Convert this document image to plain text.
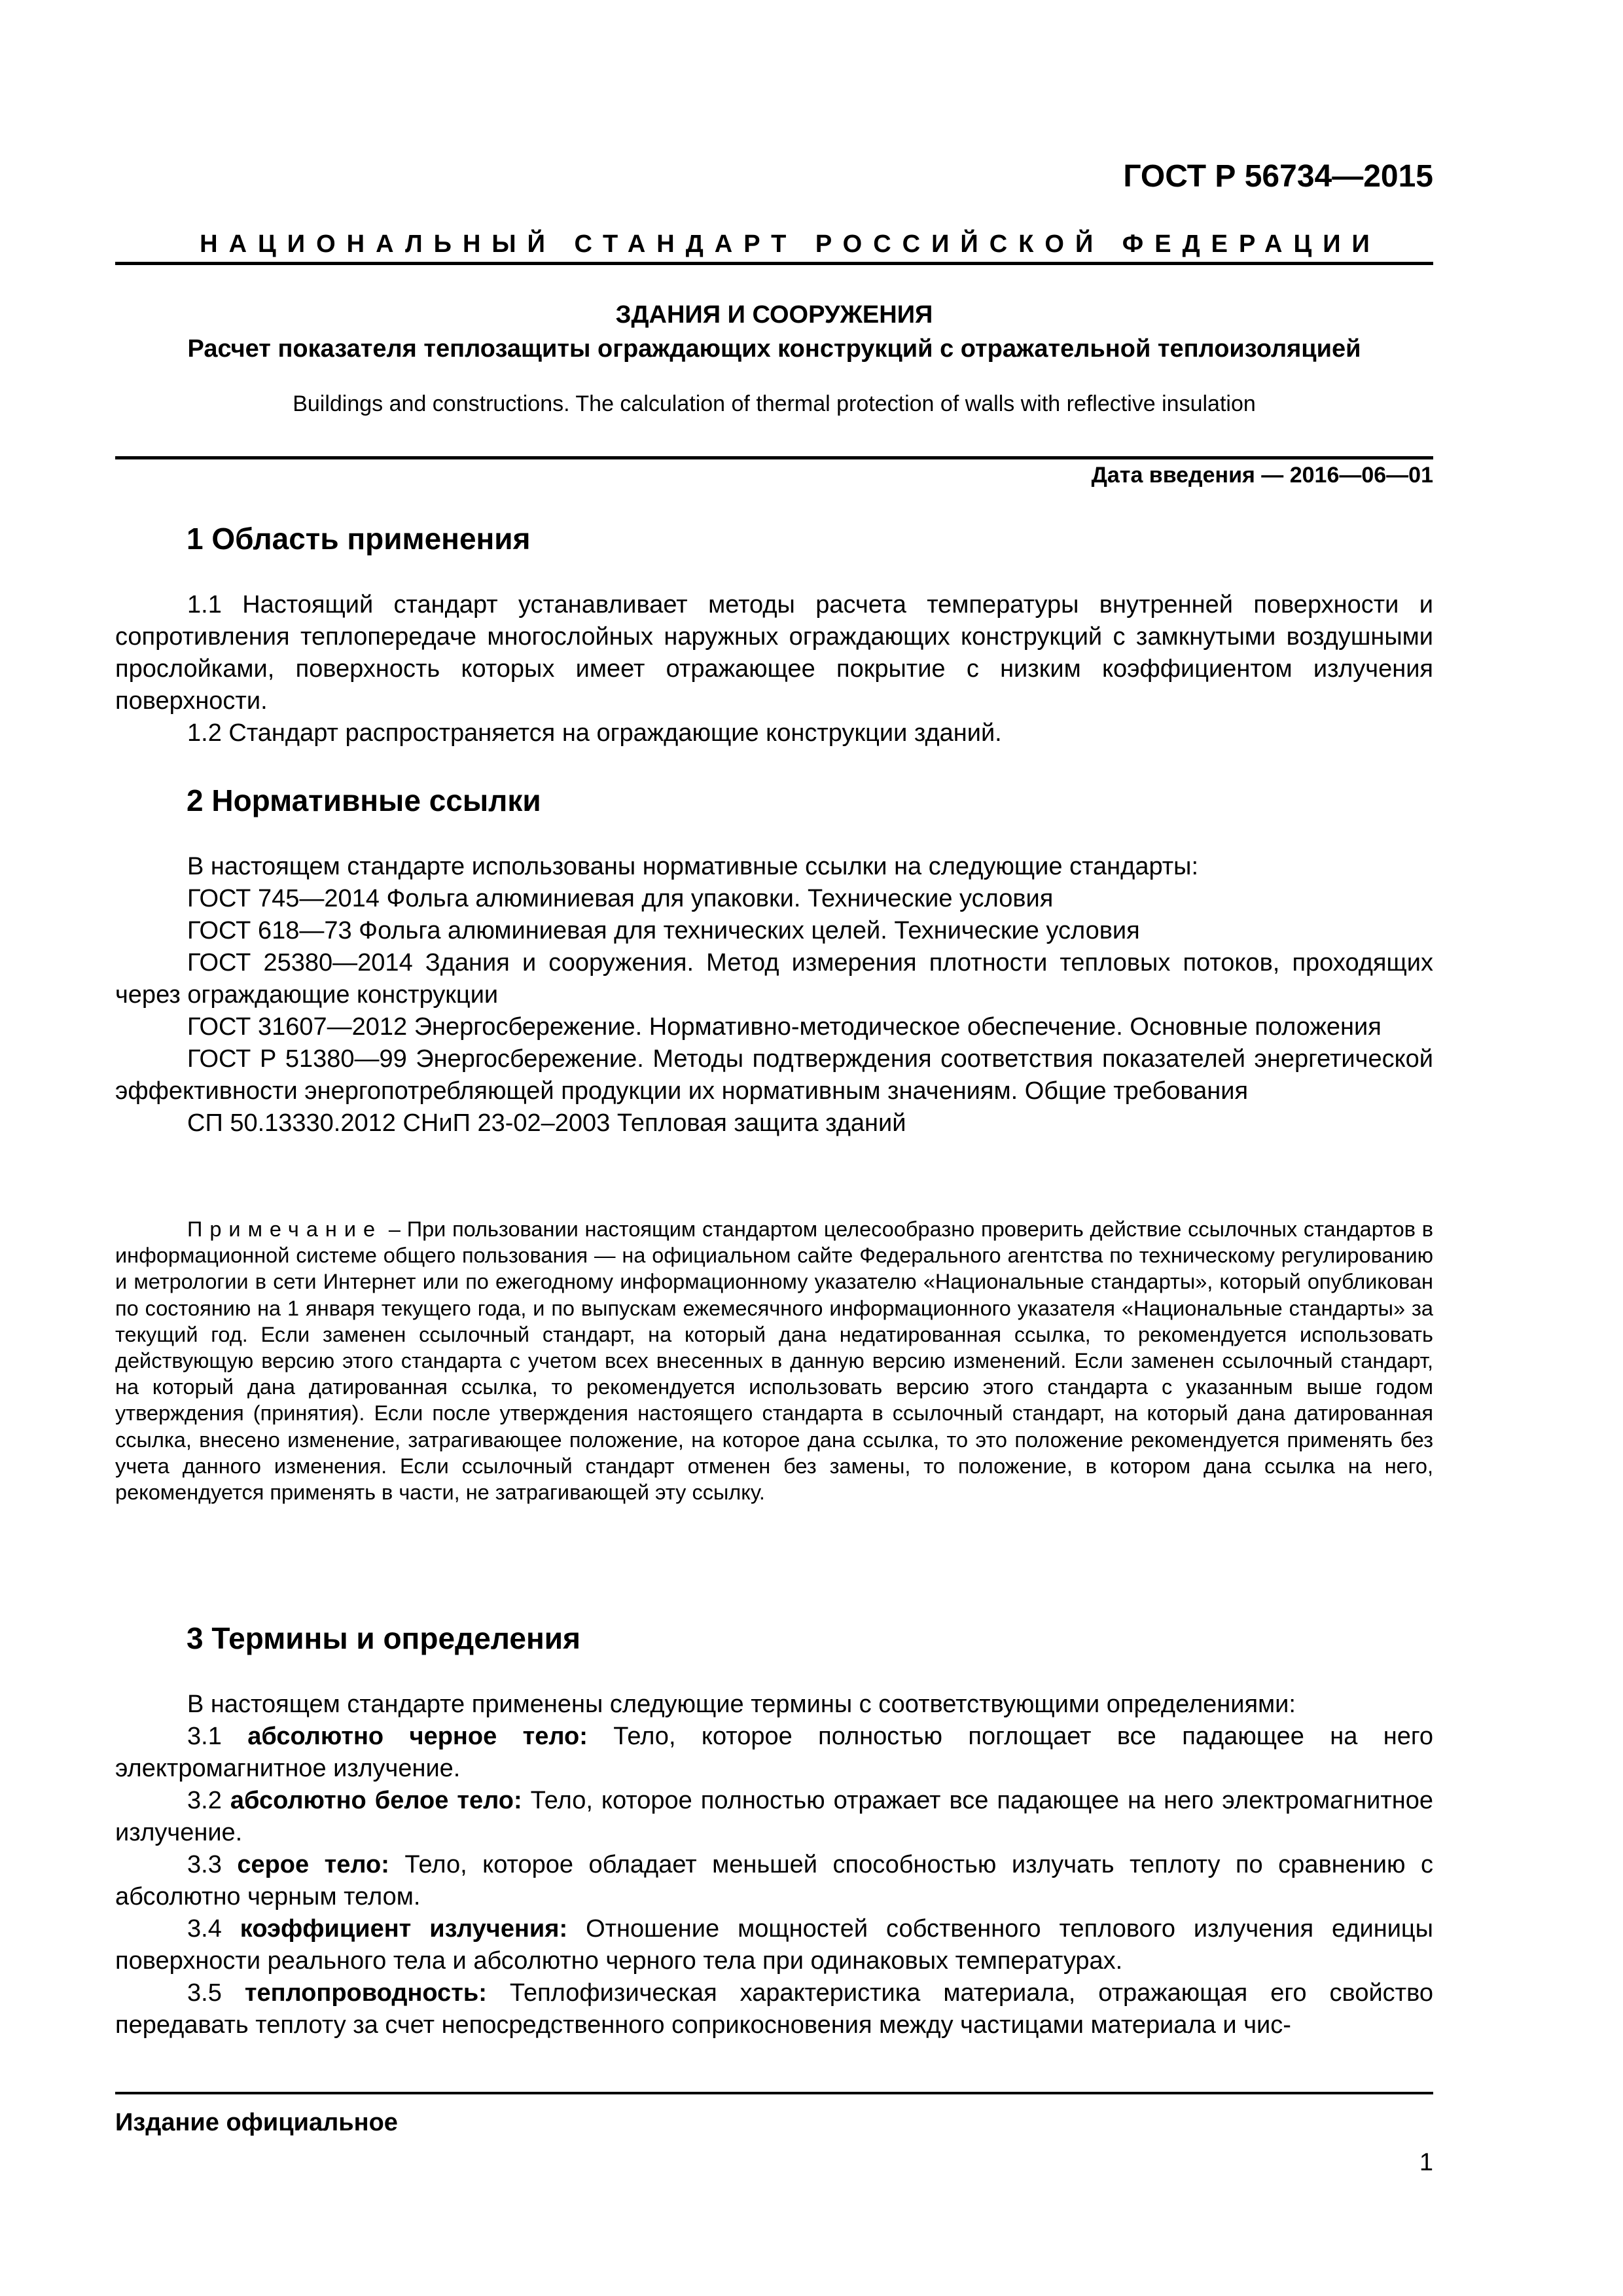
ГОСТ Р 56734—2015
НАЦИОНАЛЬНЫЙ СТАНДАРТ РОССИЙСКОЙ ФЕДЕРАЦИИ
ЗДАНИЯ И СООРУЖЕНИЯ
Расчет показателя теплозащиты ограждающих конструкций с отражательной теплоизоляцией
Buildings and constructions. The calculation of thermal protection of walls with reflective insulation
Дата введения — 2016—06—01
1 Область применения

1.1 Настоящий стандарт устанавливает методы расчета температуры внутренней поверхности и сопротивления теплопередаче многослойных наружных ограждающих конструкций с замкнутыми воздушными прослойками, поверхность которых имеет отражающее покрытие с низким коэффициентом излучения поверхности.

1.2 Стандарт распространяется на ограждающие конструкции зданий.

2 Нормативные ссылки

В настоящем стандарте использованы нормативные ссылки на следующие стандарты:

ГОСТ 745—2014 Фольга алюминиевая для упаковки. Технические условия

ГОСТ 618—73 Фольга алюминиевая для технических целей. Технические условия

ГОСТ 25380—2014 Здания и сооружения. Метод измерения плотности тепловых потоков, проходящих через ограждающие конструкции

ГОСТ 31607—2012 Энергосбережение. Нормативно-методическое обеспечение. Основные положения

ГОСТ Р 51380—99 Энергосбережение. Методы подтверждения соответствия показателей энергетической эффективности энергопотребляющей продукции их нормативным значениям. Общие требования

СП 50.13330.2012 СНиП 23-02–2003 Тепловая защита зданий

Примечание – При пользовании настоящим стандартом целесообразно проверить действие ссылочных стандартов в информационной системе общего пользования — на официальном сайте Федерального агентства по техническому регулированию и метрологии в сети Интернет или по ежегодному информационному указателю «Национальные стандарты», который опубликован по состоянию на 1 января текущего года, и по выпускам ежемесячного информационного указателя «Национальные стандарты» за текущий год. Если заменен ссылочный стандарт, на который дана недатированная ссылка, то рекомендуется использовать действующую версию этого стандарта с учетом всех внесенных в данную версию изменений. Если заменен ссылочный стандарт, на который дана датированная ссылка, то рекомендуется использовать версию этого стандарта с указанным выше годом утверждения (принятия). Если после утверждения настоящего стандарта в ссылочный стандарт, на который дана датированная ссылка, внесено изменение, затрагивающее положение, на которое дана ссылка, то это положение рекомендуется применять без учета данного изменения. Если ссылочный стандарт отменен без замены, то положение, в котором дана ссылка на него, рекомендуется применять в части, не затрагивающей эту ссылку.

3 Термины и определения

В настоящем стандарте применены следующие термины с соответствующими определениями:

3.1 абсолютно черное тело: Тело, которое полностью поглощает все падающее на него электромагнитное излучение.

3.2 абсолютно белое тело: Тело, которое полностью отражает все падающее на него электромагнитное излучение.

3.3 серое тело: Тело, которое обладает меньшей способностью излучать теплоту по сравнению с абсолютно черным телом.

3.4 коэффициент излучения: Отношение мощностей собственного теплового излучения единицы поверхности реального тела и абсолютно черного тела при одинаковых температурах.

3.5 теплопроводность: Теплофизическая характеристика материала, отражающая его свойство передавать теплоту за счет непосредственного соприкосновения между частицами материала и чис-

Издание официальное
1
